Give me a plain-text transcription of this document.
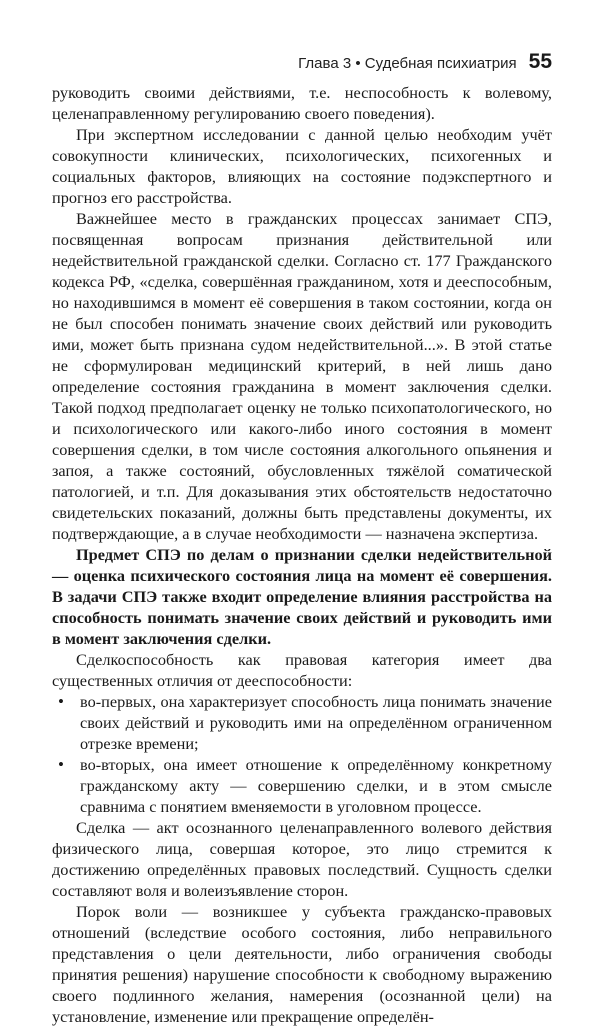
Глава 3 • Судебная психиатрия 55

руководить своими действиями, т.е. неспособность к волевому, целенаправленному регулированию своего поведения).

При экспертном исследовании с данной целью необходим учёт совокупности клинических, психологических, психогенных и социальных факторов, влияющих на состояние подэкспертного и прогноз его расстройства.

Важнейшее место в гражданских процессах занимает СПЭ, посвященная вопросам признания действительной или недействительной гражданской сделки. Согласно ст. 177 Гражданского кодекса РФ, «сделка, совершённая гражданином, хотя и дееспособным, но находившимся в момент её совершения в таком состоянии, когда он не был способен понимать значение своих действий или руководить ими, может быть признана судом недействительной...». В этой статье не сформулирован медицинский критерий, в ней лишь дано определение состояния гражданина в момент заключения сделки. Такой подход предполагает оценку не только психопатологического, но и психологического или какого-либо иного состояния в момент совершения сделки, в том числе состояния алкогольного опьянения и запоя, а также состояний, обусловленных тяжёлой соматической патологией, и т.п. Для доказывания этих обстоятельств недостаточно свидетельских показаний, должны быть представлены документы, их подтверждающие, а в случае необходимости — назначена экспертиза.

Предмет СПЭ по делам о признании сделки недействительной — оценка психического состояния лица на момент её совершения. В задачи СПЭ также входит определение влияния расстройства на способность понимать значение своих действий и руководить ими в момент заключения сделки.

Сделкоспособность как правовая категория имеет два существенных отличия от дееспособности:

• во-первых, она характеризует способность лица понимать значение своих действий и руководить ими на определённом ограниченном отрезке времени;
• во-вторых, она имеет отношение к определённому конкретному гражданскому акту — совершению сделки, и в этом смысле сравнима с понятием вменяемости в уголовном процессе.

Сделка — акт осознанного целенаправленного волевого действия физического лица, совершая которое, это лицо стремится к достижению определённых правовых последствий. Сущность сделки составляют воля и волеизъявление сторон.

Порок воли — возникшее у субъекта гражданско-правовых отношений (вследствие особого состояния, либо неправильного представления о цели деятельности, либо ограничения свободы принятия решения) нарушение способности к свободному выражению своего подлинного желания, намерения (осознанной цели) на установление, изменение или прекращение определён-
